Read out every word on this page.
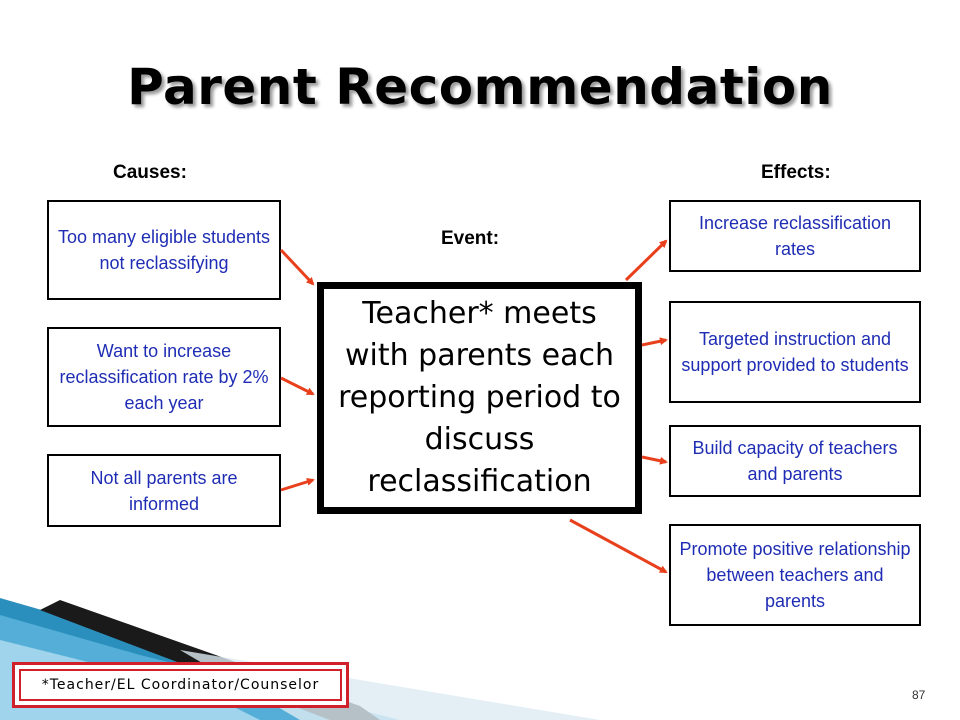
Parent Recommendation
Causes:	Effects:
Event:
Too many eligible students not reclassifying
Want to increase reclassification rate by 2% each year
Not all parents are informed
Teacher* meets with parents each reporting period to discuss reclassification
Increase reclassification rates
Targeted instruction and support provided to students
Build capacity of teachers and parents
Promote positive relationship between teachers and parents
*Teacher/EL Coordinator/Counselor
87
